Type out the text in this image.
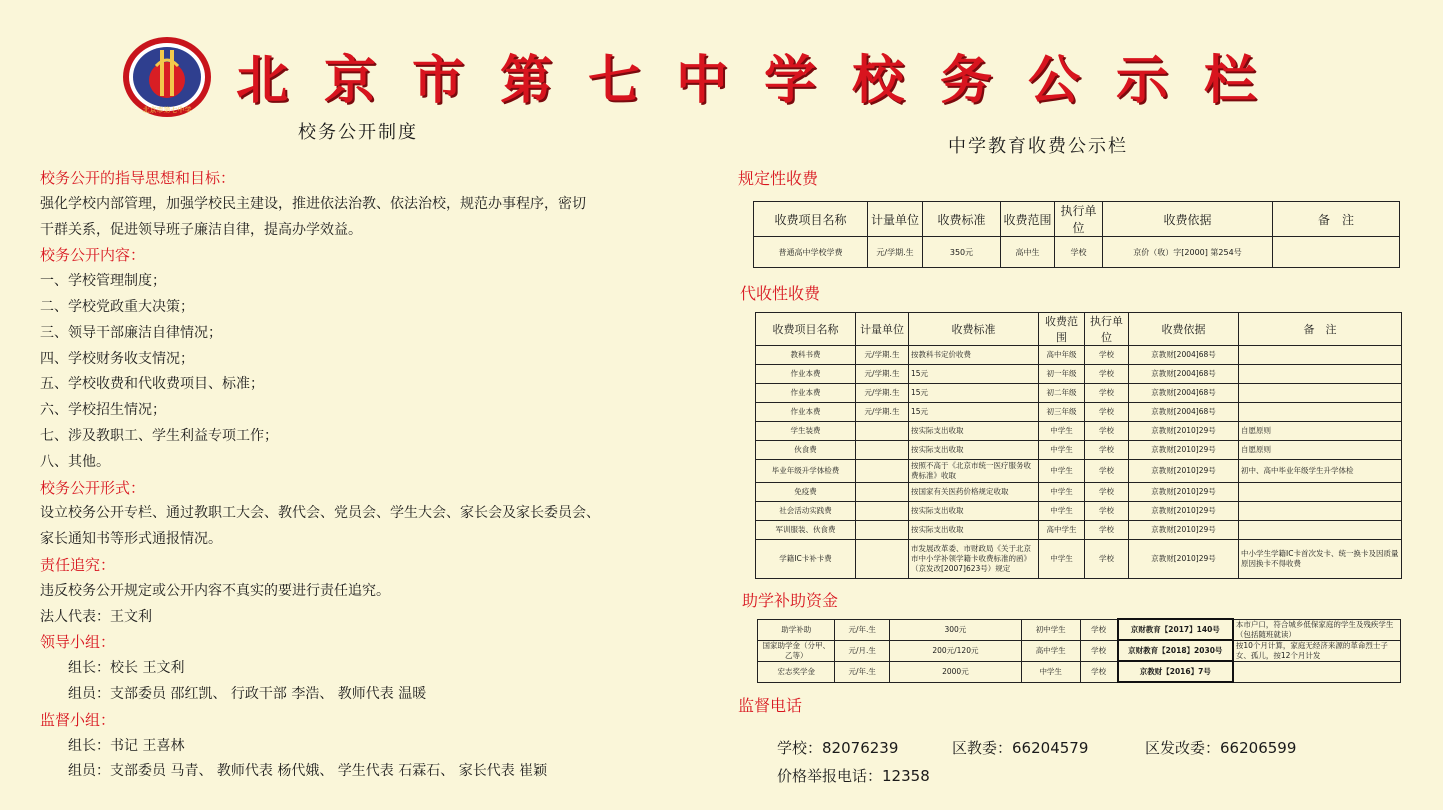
北京市第七中学 北京市第七中学校务公示栏
校务公开制度
中学教育收费公示栏
校务公开的指导思想和目标：
强化学校内部管理，加强学校民主建设，推进依法治教、依法治校，规范办事程序，密切
干群关系，促进领导班子廉洁自律，提高办学效益。
校务公开内容：
一、学校管理制度；
二、学校党政重大决策；
三、领导干部廉洁自律情况；
四、学校财务收支情况；
五、学校收费和代收费项目、标准；
六、学校招生情况；
七、涉及教职工、学生利益专项工作；
八、其他。
校务公开形式：
设立校务公开专栏、通过教职工大会、教代会、党员会、学生大会、家长会及家长委员会、
家长通知书等形式通报情况。
责任追究：
违反校务公开规定或公开内容不真实的要进行责任追究。
法人代表：王文利
领导小组：
组长：校长 王文利
组员：支部委员 邵红凯、 行政干部 李浩、 教师代表 温暖
监督小组：
组长：书记 王喜林
组员：支部委员 马青、 教师代表 杨代娥、 学生代表 石霖石、 家长代表 崔颖
规定性收费
收费项目名称	计量单位	收费标准	收费范围	执行单位	收费依据	备　注
普通高中学校学费	元/学期.生	350元	高中生	学校	京价（收）字[2000] 第254号	
代收性收费
收费项目名称	计量单位	收费标准	收费范围	执行单位	收费依据	备　注
教科书费	元/学期.生	按教科书定价收费	高中年级	学校	京教财[2004]68号	
作业本费	元/学期.生	15元	初一年级	学校	京教财[2004]68号	
作业本费	元/学期.生	15元	初二年级	学校	京教财[2004]68号	
作业本费	元/学期.生	15元	初三年级	学校	京教财[2004]68号	
学生装费		按实际支出收取	中学生	学校	京教财[2010]29号	自愿原则
伙食费		按实际支出收取	中学生	学校	京教财[2010]29号	自愿原则
毕业年级升学体检费		按照不高于《北京市统一医疗服务收费标准》收取	中学生	学校	京教财[2010]29号	初中、高中毕业年级学生升学体检
免疫费		按国家有关医药价格规定收取	中学生	学校	京教财[2010]29号	
社会活动实践费		按实际支出收取	中学生	学校	京教财[2010]29号	
军训服装、伙食费		按实际支出收取	高中学生	学校	京教财[2010]29号	
学籍IC卡补卡费		市发展改革委、市财政局《关于北京市中小学补领学籍卡收费标准的函》（京发改[2007]623号）规定	中学生	学校	京教财[2010]29号	中小学生学籍IC卡首次发卡、统一换卡及因质量原因换卡不得收费
助学补助资金
助学补助	元/年.生	300元	初中学生	学校	京财教育【2017】140号	本市户口，符合城乡低保家庭的学生及残疾学生（包括随班就读）
国家助学金（分甲、乙等）	元/月.生	200元/120元	高中学生	学校	京财教育【2018】2030号	按10个月计算，家庭无经济来源的革命烈士子女、孤儿，按12个月计发
宏志奖学金	元/年.生	2000元	中学生	学校	京教财【2016】7号	
监督电话
学校：82076239	区教委：66204579	区发改委：66206599
价格举报电话：12358
